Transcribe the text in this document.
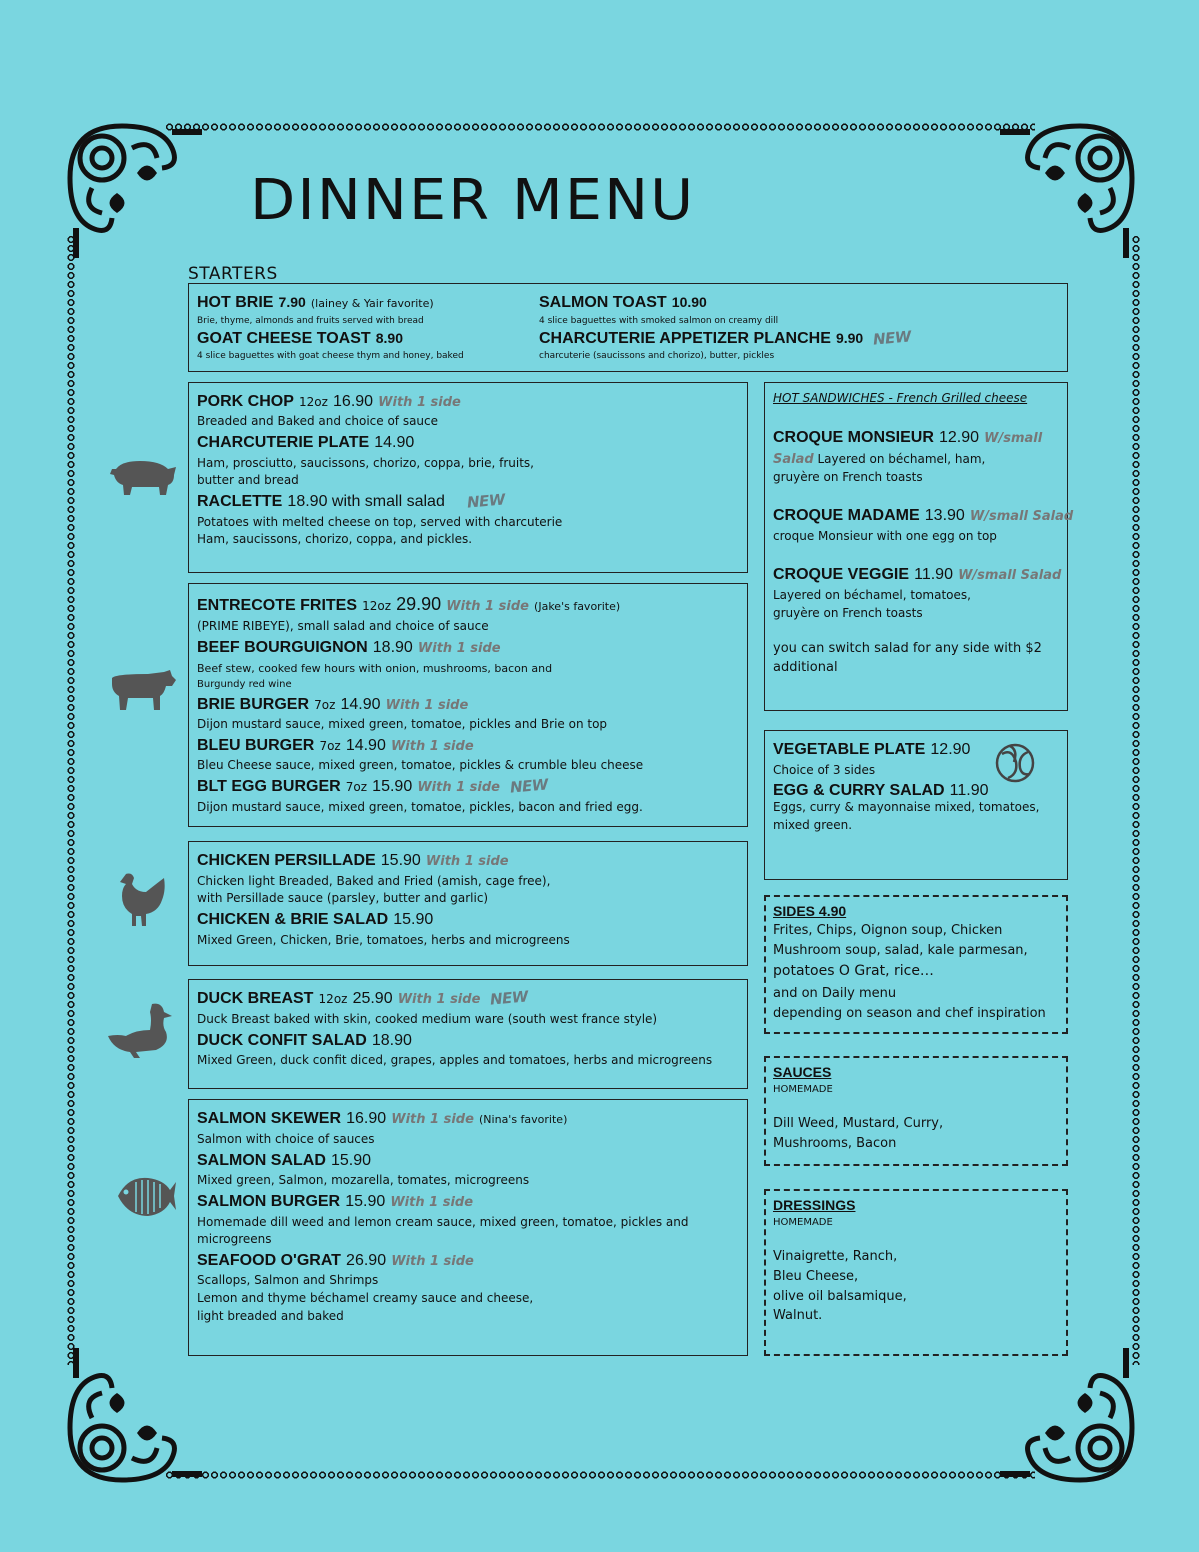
DINNER MENU
STARTERS
HOT BRIE 7.90 (lainey & Yair favorite)
Brie, thyme, almonds and fruits served with bread
GOAT CHEESE TOAST 8.90
4 slice baguettes with goat cheese thym and honey, baked
SALMON TOAST 10.90
4 slice baguettes with smoked salmon on creamy dill
CHARCUTERIE APPETIZER PLANCHE 9.90 NEW
charcuterie (saucissons and chorizo), butter, pickles
PORK CHOP 12oz 16.90 With 1 side
Breaded and Baked and choice of sauce
CHARCUTERIE PLATE 14.90
Ham, prosciutto, saucissons, chorizo, coppa, brie, fruits,
butter and bread
RACLETTE 18.90 with small salad NEW
Potatoes with melted cheese on top, served with charcuterie
Ham, saucissons, chorizo, coppa, and pickles.
ENTRECOTE FRITES 12oz 29.90 With 1 side (Jake's favorite)
(PRIME RIBEYE), small salad and choice of sauce
BEEF BOURGUIGNON 18.90 With 1 side
Beef stew, cooked few hours with onion, mushrooms, bacon and
Burgundy red wine
BRIE BURGER 7oz 14.90 With 1 side
Dijon mustard sauce, mixed green, tomatoe, pickles and Brie on top
BLEU BURGER 7oz 14.90 With 1 side
Bleu Cheese sauce, mixed green, tomatoe, pickles & crumble bleu cheese
BLT EGG BURGER 7oz 15.90 With 1 side NEW
Dijon mustard sauce, mixed green, tomatoe, pickles, bacon and fried egg.
CHICKEN PERSILLADE 15.90 With 1 side
Chicken light Breaded, Baked and Fried (amish, cage free),
with Persillade sauce (parsley, butter and garlic)
CHICKEN & BRIE SALAD 15.90
Mixed Green, Chicken, Brie, tomatoes, herbs and microgreens
DUCK BREAST 12oz 25.90 With 1 side NEW
Duck Breast baked with skin, cooked medium ware (south west france style)
DUCK CONFIT SALAD 18.90
Mixed Green, duck confit diced, grapes, apples and tomatoes, herbs and microgreens
SALMON SKEWER 16.90 With 1 side (Nina's favorite)
Salmon with choice of sauces
SALMON SALAD 15.90
Mixed green, Salmon, mozarella, tomates, microgreens
SALMON BURGER 15.90 With 1 side
Homemade dill weed and lemon cream sauce, mixed green, tomatoe, pickles and
microgreens
SEAFOOD O'GRAT 26.90 With 1 side
Scallops, Salmon and Shrimps
Lemon and thyme béchamel creamy sauce and cheese,
light breaded and baked
HOT SANDWICHES - French Grilled cheese
CROQUE MONSIEUR 12.90 W/small
Salad Layered on béchamel, ham,
gruyère on French toasts
CROQUE MADAME 13.90 W/small Salad
croque Monsieur with one egg on top
CROQUE VEGGIE 11.90 W/small Salad
Layered on béchamel, tomatoes,
gruyère on French toasts
you can switch salad for any side with $2
additional
VEGETABLE PLATE 12.90
Choice of 3 sides
EGG & CURRY SALAD 11.90
Eggs, curry & mayonnaise mixed, tomatoes,
mixed green.
SIDES 4.90
Frites, Chips, Oignon soup, Chicken
Mushroom soup, salad, kale parmesan,
potatoes O Grat, rice…
and on Daily menu
depending on season and chef inspiration
SAUCES
HOMEMADE
Dill Weed, Mustard, Curry,
Mushrooms, Bacon
DRESSINGS
HOMEMADE
Vinaigrette, Ranch,
Bleu Cheese,
olive oil balsamique,
Walnut.
